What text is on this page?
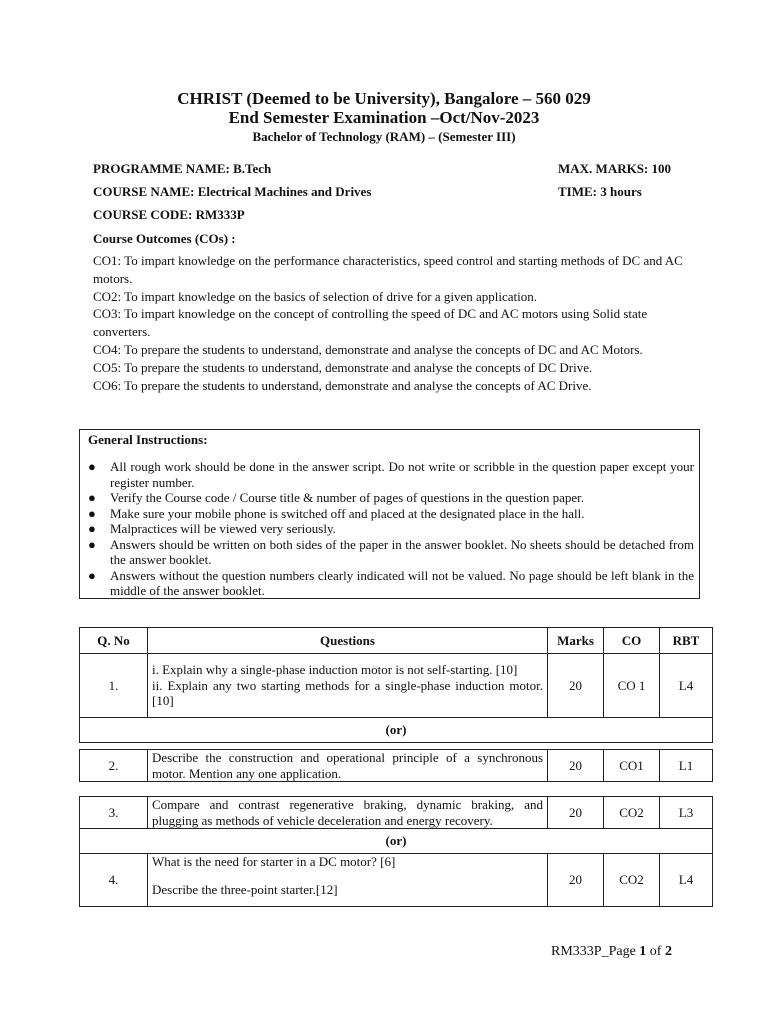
CHRIST (Deemed to be University), Bangalore – 560 029
End Semester Examination –Oct/Nov-2023
Bachelor of Technology (RAM) – (Semester III)
PROGRAMME NAME: B.Tech	MAX. MARKS: 100
COURSE NAME: Electrical Machines and Drives	TIME: 3 hours
COURSE CODE: RM333P
Course Outcomes (COs) :

CO1: To impart knowledge on the performance characteristics, speed control and starting methods of DC and AC motors.

CO2: To impart knowledge on the basics of selection of drive for a given application.

CO3: To impart knowledge on the concept of controlling the speed of DC and AC motors using Solid state converters.

CO4: To prepare the students to understand, demonstrate and analyse the concepts of DC and AC Motors.

CO5: To prepare the students to understand, demonstrate and analyse the concepts of DC Drive.

CO6: To prepare the students to understand, demonstrate and analyse the concepts of AC Drive.

General Instructions:
● All rough work should be done in the answer script. Do not write or scribble in the question paper except your register number.
● Verify the Course code / Course title & number of pages of questions in the question paper.
● Make sure your mobile phone is switched off and placed at the designated place in the hall.
● Malpractices will be viewed very seriously.
● Answers should be written on both sides of the paper in the answer booklet. No sheets should be detached from the answer booklet.
● Answers without the question numbers clearly indicated will not be valued. No page should be left blank in the middle of the answer booklet.
Q. No	Questions	Marks	CO	RBT
1.	i. Explain why a single-phase induction motor is not self-starting. [10]
ii. Explain any two starting methods for a single-phase induction motor. [10]	20	CO 1	L4
(or)				
2.	Describe the construction and operational principle of a synchronous motor. Mention any one application.	20	CO1	L1
3.	Compare and contrast regenerative braking, dynamic braking, and plugging as methods of vehicle deceleration and energy recovery.	20	CO2	L3
(or)				
4.	What is the need for starter in a DC motor? [6]
Describe the three-point starter.[12]	20	CO2	L4
RM333P_Page 1 of 2
